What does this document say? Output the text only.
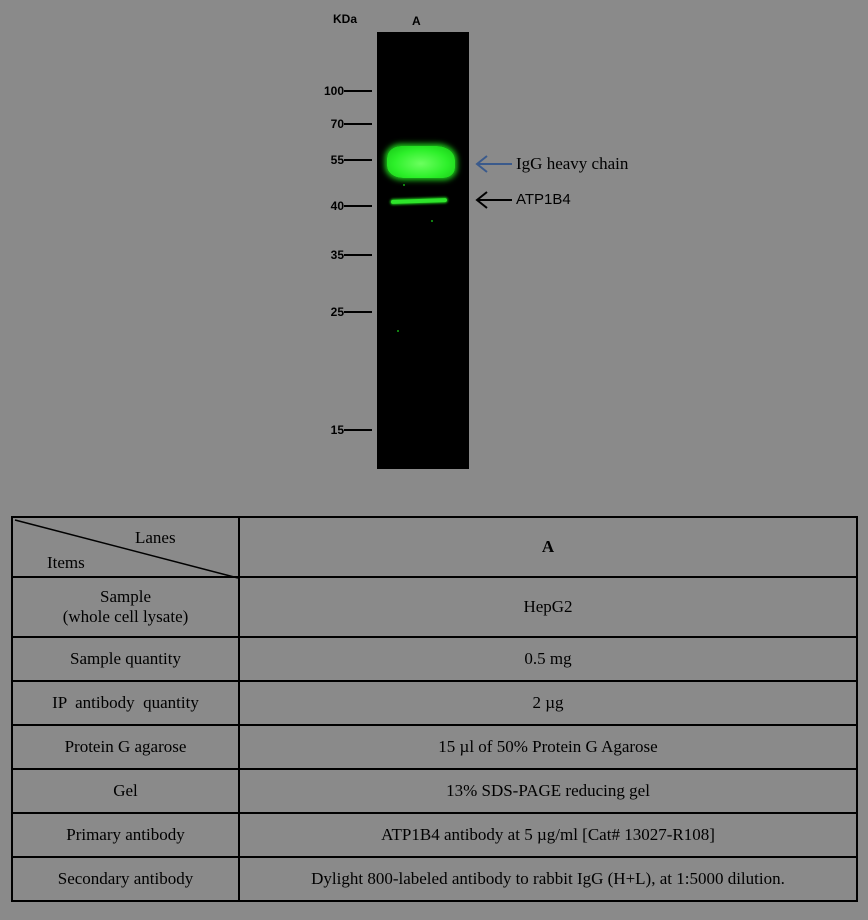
KDa	A
100
70
55
40
35
25
15
IgG heavy chain
ATP1B4
Lanes
Items	A

Sample
(whole cell lysate)	HepG2
Sample quantity	0.5 mg
IP  antibody  quantity	2 µg
Protein G agarose	15 µl of 50% Protein G Agarose
Gel	13% SDS-PAGE reducing gel
Primary antibody	ATP1B4 antibody at 5 µg/ml [Cat# 13027-R108]
Secondary antibody	Dylight 800-labeled antibody to rabbit IgG (H+L), at 1:5000 dilution.
